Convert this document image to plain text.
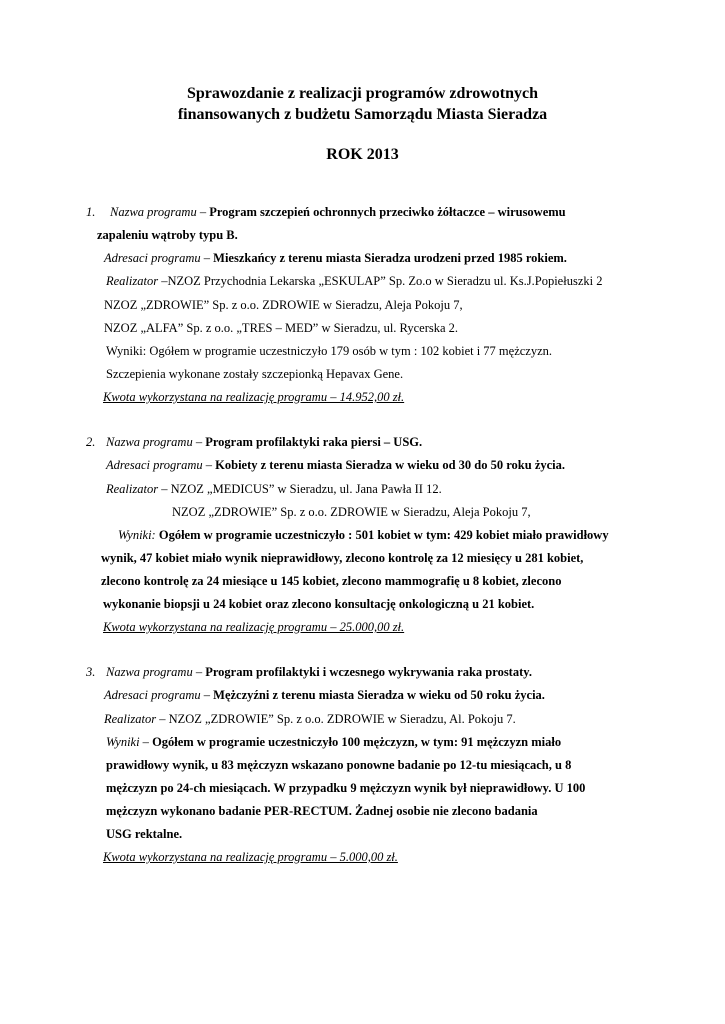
Sprawozdanie z realizacji programów zdrowotnych
finansowanych z budżetu Samorządu Miasta Sieradza
ROK 2013
1. Nazwa programu – Program szczepień ochronnych przeciwko żółtaczce – wirusowemu
zapaleniu wątroby typu B.
Adresaci programu – Mieszkańcy z terenu miasta Sieradza urodzeni przed 1985 rokiem.
Realizator –NZOZ Przychodnia Lekarska „ESKULAP” Sp. Zo.o w Sieradzu ul. Ks.J.Popiełuszki 2
NZOZ „ZDROWIE” Sp. z o.o. ZDROWIE w Sieradzu, Aleja Pokoju 7,
NZOZ „ALFA” Sp. z o.o. „TRES – MED” w Sieradzu, ul. Rycerska 2.
Wyniki: Ogółem w programie uczestniczyło 179 osób w tym : 102 kobiet i 77 mężczyzn.
Szczepienia wykonane zostały szczepionką Hepavax Gene.
Kwota wykorzystana na realizację programu – 14.952,00 zł.
2. Nazwa programu – Program profilaktyki raka piersi – USG.
Adresaci programu – Kobiety z terenu miasta Sieradza w wieku od 30 do 50 roku życia.
Realizator – NZOZ „MEDICUS” w Sieradzu, ul. Jana Pawła II 12.
NZOZ „ZDROWIE” Sp. z o.o. ZDROWIE w Sieradzu, Aleja Pokoju 7,
Wyniki: Ogółem w programie uczestniczyło : 501 kobiet w tym: 429 kobiet miało prawidłowy
wynik, 47 kobiet miało wynik nieprawidłowy, zlecono kontrolę za 12 miesięcy u 281 kobiet,
zlecono kontrolę za 24 miesiące u 145 kobiet, zlecono mammografię u 8 kobiet, zlecono
wykonanie biopsji u 24 kobiet oraz zlecono konsultację onkologiczną u 21 kobiet.
Kwota wykorzystana na realizację programu – 25.000,00 zł.
3. Nazwa programu – Program profilaktyki i wczesnego wykrywania raka prostaty.
Adresaci programu – Mężczyźni z terenu miasta Sieradza w wieku od 50 roku życia.
Realizator – NZOZ „ZDROWIE” Sp. z o.o. ZDROWIE w Sieradzu, Al. Pokoju 7.
Wyniki – Ogółem w programie uczestniczyło 100 mężczyzn, w tym: 91 mężczyzn miało
prawidłowy wynik, u 83 mężczyzn wskazano ponowne badanie po 12-tu miesiącach, u 8
mężczyzn po 24-ch miesiącach. W przypadku 9 mężczyzn wynik był nieprawidłowy. U 100
mężczyzn wykonano badanie PER-RECTUM. Żadnej osobie nie zlecono badania
USG rektalne.
Kwota wykorzystana na realizację programu – 5.000,00 zł.
